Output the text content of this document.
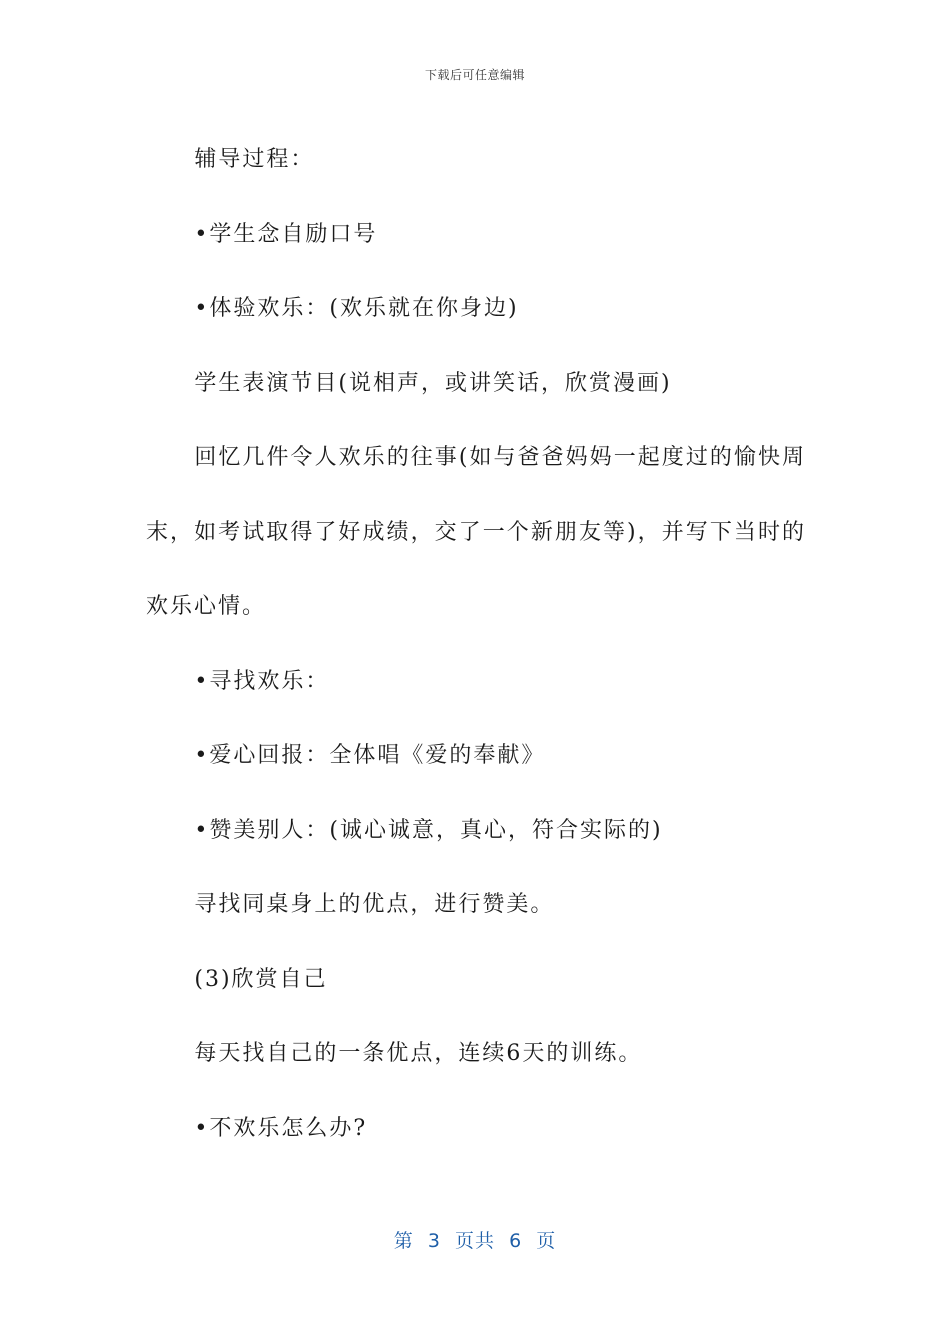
下载后可任意编辑

辅导过程：

•学生念自励口号

•体验欢乐：(欢乐就在你身边)

学生表演节目(说相声，或讲笑话，欣赏漫画)

回忆几件令人欢乐的往事(如与爸爸妈妈一起度过的愉快周末，如考试取得了好成绩，交了一个新朋友等)，并写下当时的欢乐心情。

•寻找欢乐：

•爱心回报：全体唱《爱的奉献》

•赞美别人：(诚心诚意，真心，符合实际的)

寻找同桌身上的优点，进行赞美。

(3)欣赏自己

每天找自己的一条优点，连续6天的训练。

•不欢乐怎么办?

第  3  页共  6  页
